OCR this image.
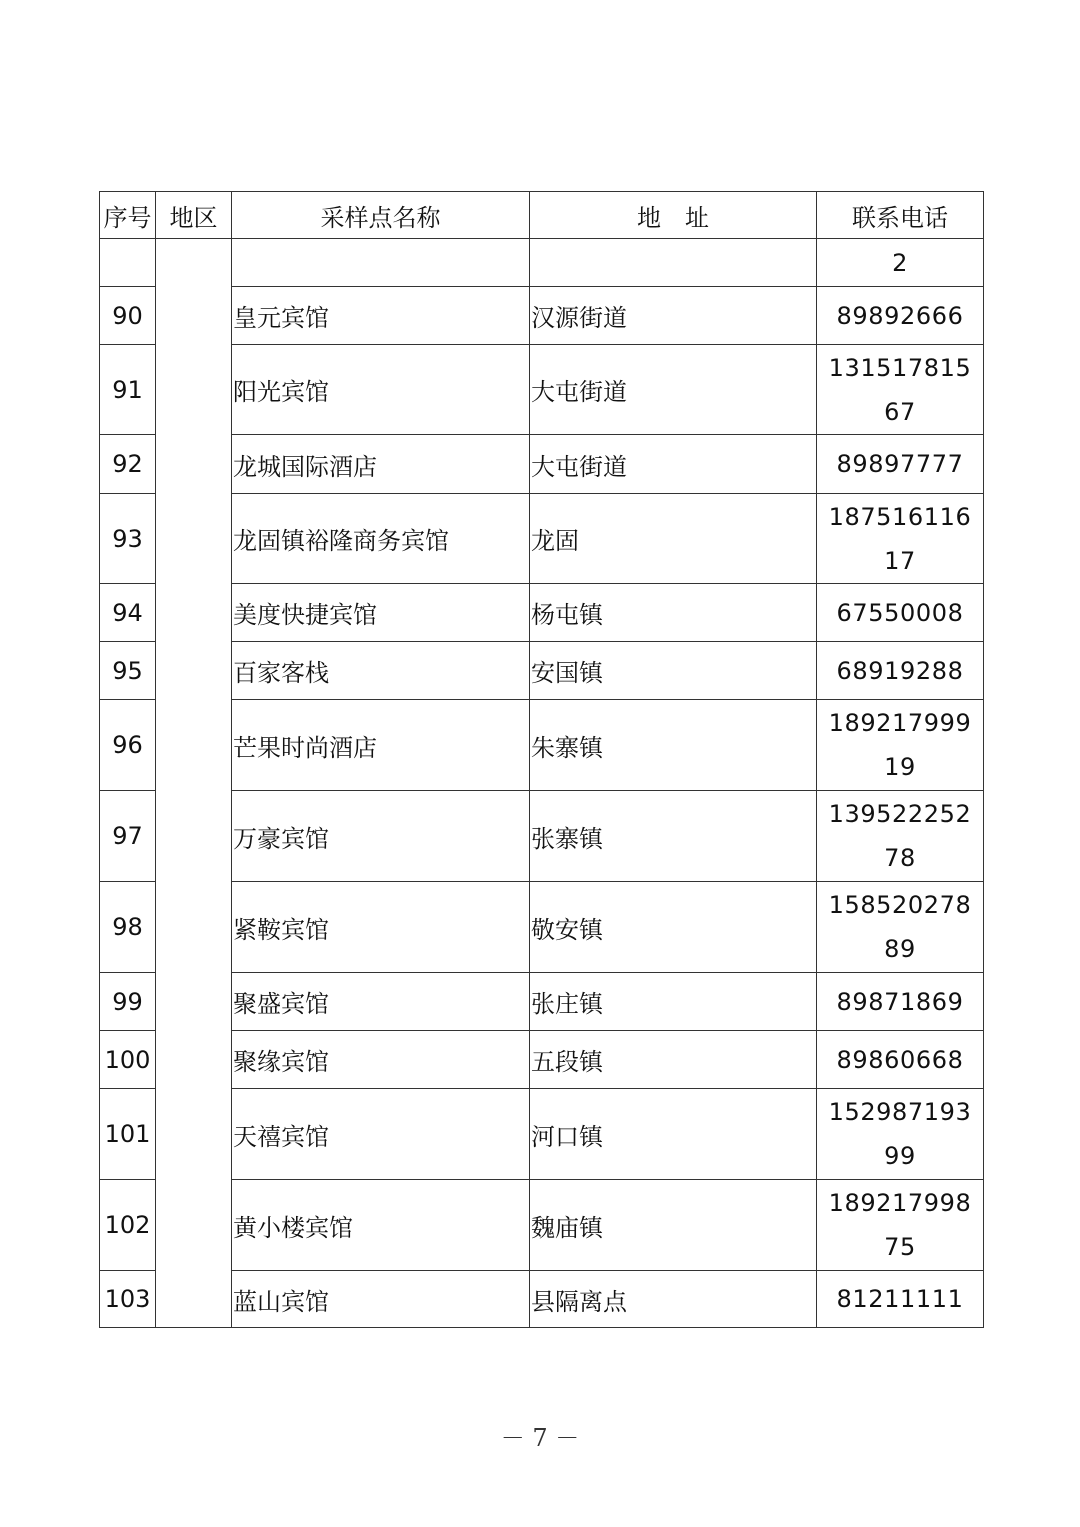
序号	地区	采样点名称	地　址	联系电话
				2
90		皇元宾馆	汉源街道	89892666
91		阳光宾馆	大屯街道	13151781567
92		龙城国际酒店	大屯街道	89897777
93		龙固镇裕隆商务宾馆	龙固	18751611617
94		美度快捷宾馆	杨屯镇	67550008
95		百家客栈	安国镇	68919288
96		芒果时尚酒店	朱寨镇	18921799919
97		万豪宾馆	张寨镇	13952225278
98		紧鞍宾馆	敬安镇	15852027889
99		聚盛宾馆	张庄镇	89871869
100		聚缘宾馆	五段镇	89860668
101		天禧宾馆	河口镇	15298719399
102		黄小楼宾馆	魏庙镇	18921799875
103		蓝山宾馆	县隔离点	81211111
－ 7 －
